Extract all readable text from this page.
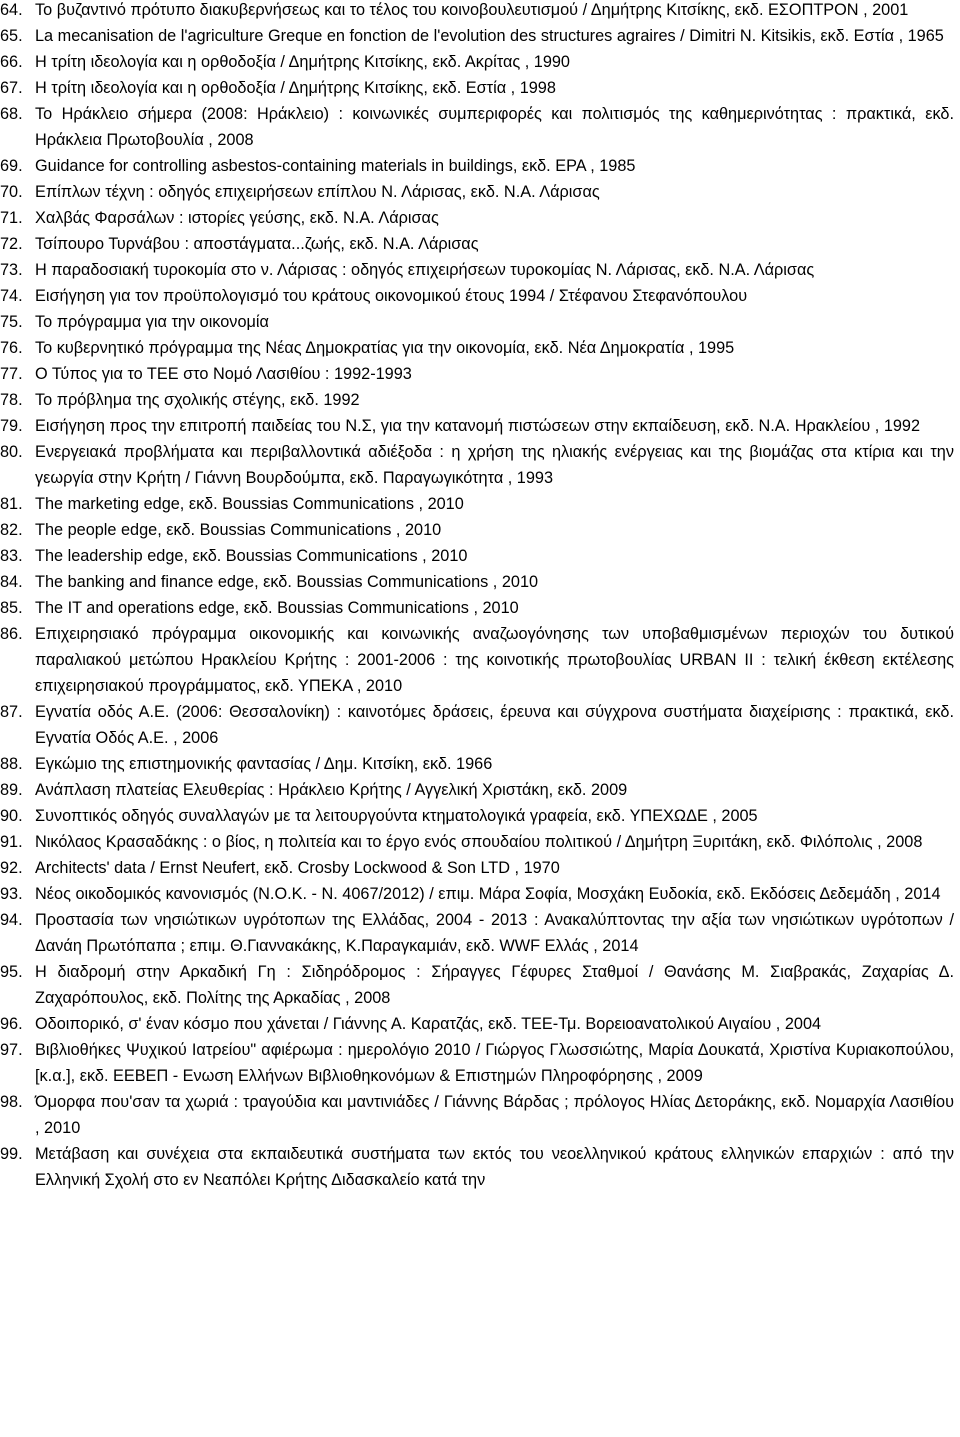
64. Το βυζαντινό πρότυπο διακυβερνήσεως και το τέλος του κοινοβουλευτισμού / Δημήτρης Κιτσίκης, εκδ. ΕΣΟΠΤΡΟΝ , 2001
65. La mecanisation de l'agriculture Greque en fonction de l'evolution des structures agraires / Dimitri N. Kitsikis, εκδ. Εστία , 1965
66. Η τρίτη ιδεολογία και η ορθοδοξία / Δημήτρης Κιτσίκης, εκδ. Ακρίτας , 1990
67. Η τρίτη ιδεολογία και η ορθοδοξία / Δημήτρης Κιτσίκης, εκδ. Εστία , 1998
68. Το Ηράκλειο σήμερα (2008: Ηράκλειο) : κοινωνικές συμπεριφορές και πολιτισμός της καθημερινότητας : πρακτικά, εκδ. Ηράκλεια Πρωτοβουλία , 2008
69. Guidance for controlling asbestos-containing materials in buildings, εκδ. EPA , 1985
70. Επίπλων τέχνη : οδηγός επιχειρήσεων επίπλου Ν. Λάρισας, εκδ. Ν.Α. Λάρισας
71. Χαλβάς Φαρσάλων : ιστορίες γεύσης, εκδ. Ν.Α. Λάρισας
72. Τσίπουρο Τυρνάβου : αποστάγματα...ζωής, εκδ. Ν.Α. Λάρισας
73. Η παραδοσιακή τυροκομία στο ν. Λάρισας : οδηγός επιχειρήσεων τυροκομίας Ν. Λάρισας, εκδ. Ν.Α. Λάρισας
74. Εισήγηση για τον προϋπολογισμό του κράτους οικονομικού έτους 1994 / Στέφανου Στεφανόπουλου
75. Το πρόγραμμα για την οικονομία
76. Το κυβερνητικό πρόγραμμα της Νέας Δημοκρατίας για την οικονομία, εκδ. Νέα Δημοκρατία , 1995
77. Ο Τύπος για το ΤΕΕ στο Νομό Λασιθίου : 1992-1993
78. Το πρόβλημα της σχολικής στέγης, εκδ. 1992
79. Εισήγηση προς την επιτροπή παιδείας του Ν.Σ, για την κατανομή πιστώσεων στην εκπαίδευση, εκδ. Ν.Α. Ηρακλείου , 1992
80. Ενεργειακά προβλήματα και περιβαλλοντικά αδιέξοδα : η χρήση της ηλιακής ενέργειας και της βιομάζας στα κτίρια και την γεωργία στην Κρήτη / Γιάννη Βουρδούμπα, εκδ. Παραγωγικότητα , 1993
81. The marketing edge, εκδ. Boussias Communications , 2010
82. The people edge, εκδ. Boussias Communications , 2010
83. The leadership edge, εκδ. Boussias Communications , 2010
84. The banking and finance edge, εκδ. Boussias Communications , 2010
85. The IT and operations edge, εκδ. Boussias Communications , 2010
86. Επιχειρησιακό πρόγραμμα οικονομικής και κοινωνικής αναζωογόνησης των υποβαθμισμένων περιοχών του δυτικού παραλιακού μετώπου Ηρακλείου Κρήτης : 2001-2006 : της κοινοτικής πρωτοβουλίας URBAN II : τελική έκθεση εκτέλεσης επιχειρησιακού προγράμματος, εκδ. ΥΠΕΚΑ , 2010
87. Εγνατία οδός Α.Ε. (2006: Θεσσαλονίκη) : καινοτόμες δράσεις, έρευνα και σύγχρονα συστήματα διαχείρισης : πρακτικά, εκδ. Εγνατία Οδός Α.Ε. , 2006
88. Εγκώμιο της επιστημονικής φαντασίας / Δημ. Κιτσίκη, εκδ. 1966
89. Ανάπλαση πλατείας Ελευθερίας : Ηράκλειο Κρήτης / Αγγελική Χριστάκη, εκδ. 2009
90. Συνοπτικός οδηγός συναλλαγών με τα λειτουργούντα κτηματολογικά γραφεία, εκδ. ΥΠΕΧΩΔΕ , 2005
91. Νικόλαος Κρασαδάκης : ο βίος, η πολιτεία και το έργο ενός σπουδαίου πολιτικού / Δημήτρη Ξυριτάκη, εκδ. Φιλόπολις , 2008
92. Architects' data / Ernst Neufert, εκδ. Crosby Lockwood & Son LTD , 1970
93. Νέος οικοδομικός κανονισμός (Ν.Ο.Κ. - Ν. 4067/2012) / επιμ. Μάρα Σοφία, Μοσχάκη Ευδοκία, εκδ. Εκδόσεις Δεδεμάδη , 2014
94. Προστασία των νησιώτικων υγρότοπων της Ελλάδας, 2004 - 2013 : Ανακαλύπτοντας την αξία των νησιώτικων υγρότοπων / Δανάη Πρωτόπαπα ; επιμ. Θ.Γιαννακάκης, Κ.Παραγκαμιάν, εκδ. WWF Ελλάς , 2014
95. Η διαδρομή στην Αρκαδική Γη : Σιδηρόδρομος : Σήραγγες Γέφυρες Σταθμοί / Θανάσης Μ. Σιαβρακάς, Ζαχαρίας Δ. Ζαχαρόπουλος, εκδ. Πολίτης της Αρκαδίας , 2008
96. Οδοιπορικό, σ' έναν κόσμο που χάνεται / Γιάννης Α. Καρατζάς, εκδ. ΤΕΕ-Τμ. Βορειοανατολικού Αιγαίου , 2004
97. Βιβλιοθήκες Ψυχικού Ιατρείου" αφιέρωμα : ημερολόγιο 2010 / Γιώργος Γλωσσιώτης, Μαρία Δουκατά, Χριστίνα Κυριακοπούλου, [κ.α.], εκδ. ΕΕΒΕΠ - Ενωση Ελλήνων Βιβλιοθηκονόμων & Επιστημών Πληροφόρησης , 2009
98. Όμορφα που'σαν τα χωριά : τραγούδια και μαντινιάδες / Γιάννης Βάρδας ; πρόλογος Ηλίας Δετοράκης, εκδ. Νομαρχία Λασιθίου , 2010
99. Μετάβαση και συνέχεια στα εκπαιδευτικά συστήματα των εκτός του νεοελληνικού κράτους ελληνικών επαρχιών : από την Ελληνική Σχολή στο εν Νεαπόλει Κρήτης Διδασκαλείο κατά την
